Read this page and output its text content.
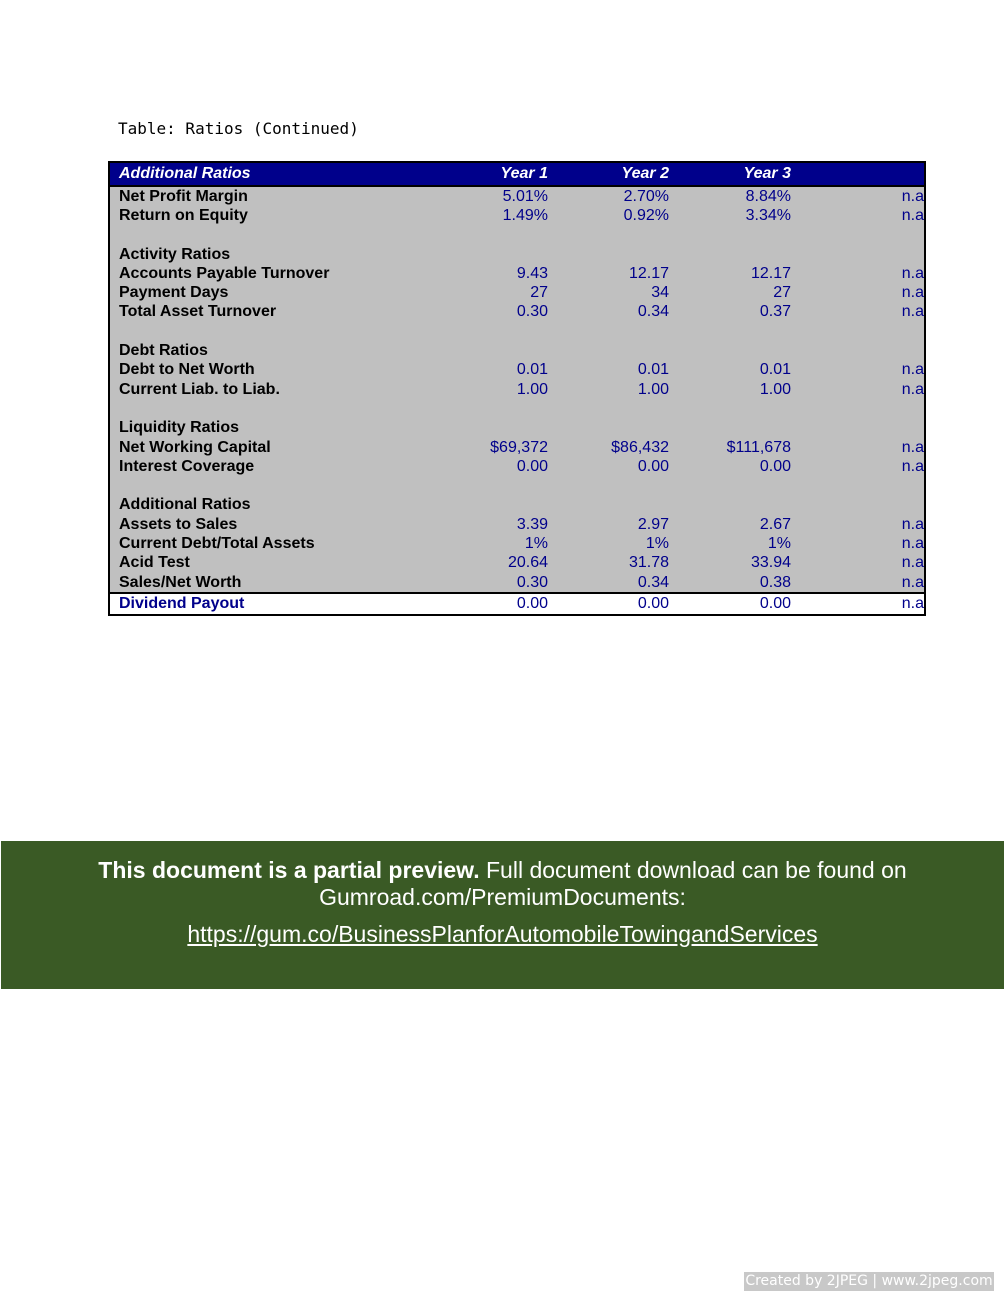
Table: Ratios (Continued)
Additional Ratios	Year 1	Year 2	Year 3
Net Profit Margin	5.01%	2.70%	8.84%	n.a
Return on Equity	1.49%	0.92%	3.34%	n.a
Activity Ratios
Accounts Payable Turnover	9.43	12.17	12.17	n.a
Payment Days	27	34	27	n.a
Total Asset Turnover	0.30	0.34	0.37	n.a
Debt Ratios
Debt to Net Worth	0.01	0.01	0.01	n.a
Current Liab. to Liab.	1.00	1.00	1.00	n.a
Liquidity Ratios
Net Working Capital	$69,372	$86,432	$111,678	n.a
Interest Coverage	0.00	0.00	0.00	n.a
Additional Ratios
Assets to Sales	3.39	2.97	2.67	n.a
Current Debt/Total Assets	1%	1%	1%	n.a
Acid Test	20.64	31.78	33.94	n.a
Sales/Net Worth	0.30	0.34	0.38	n.a
Dividend Payout	0.00	0.00	0.00	n.a
This document is a partial preview. Full document download can be found on
Gumroad.com/PremiumDocuments:
https://gum.co/BusinessPlanforAutomobileTowingandServices
Created by 2JPEG | www.2jpeg.com
